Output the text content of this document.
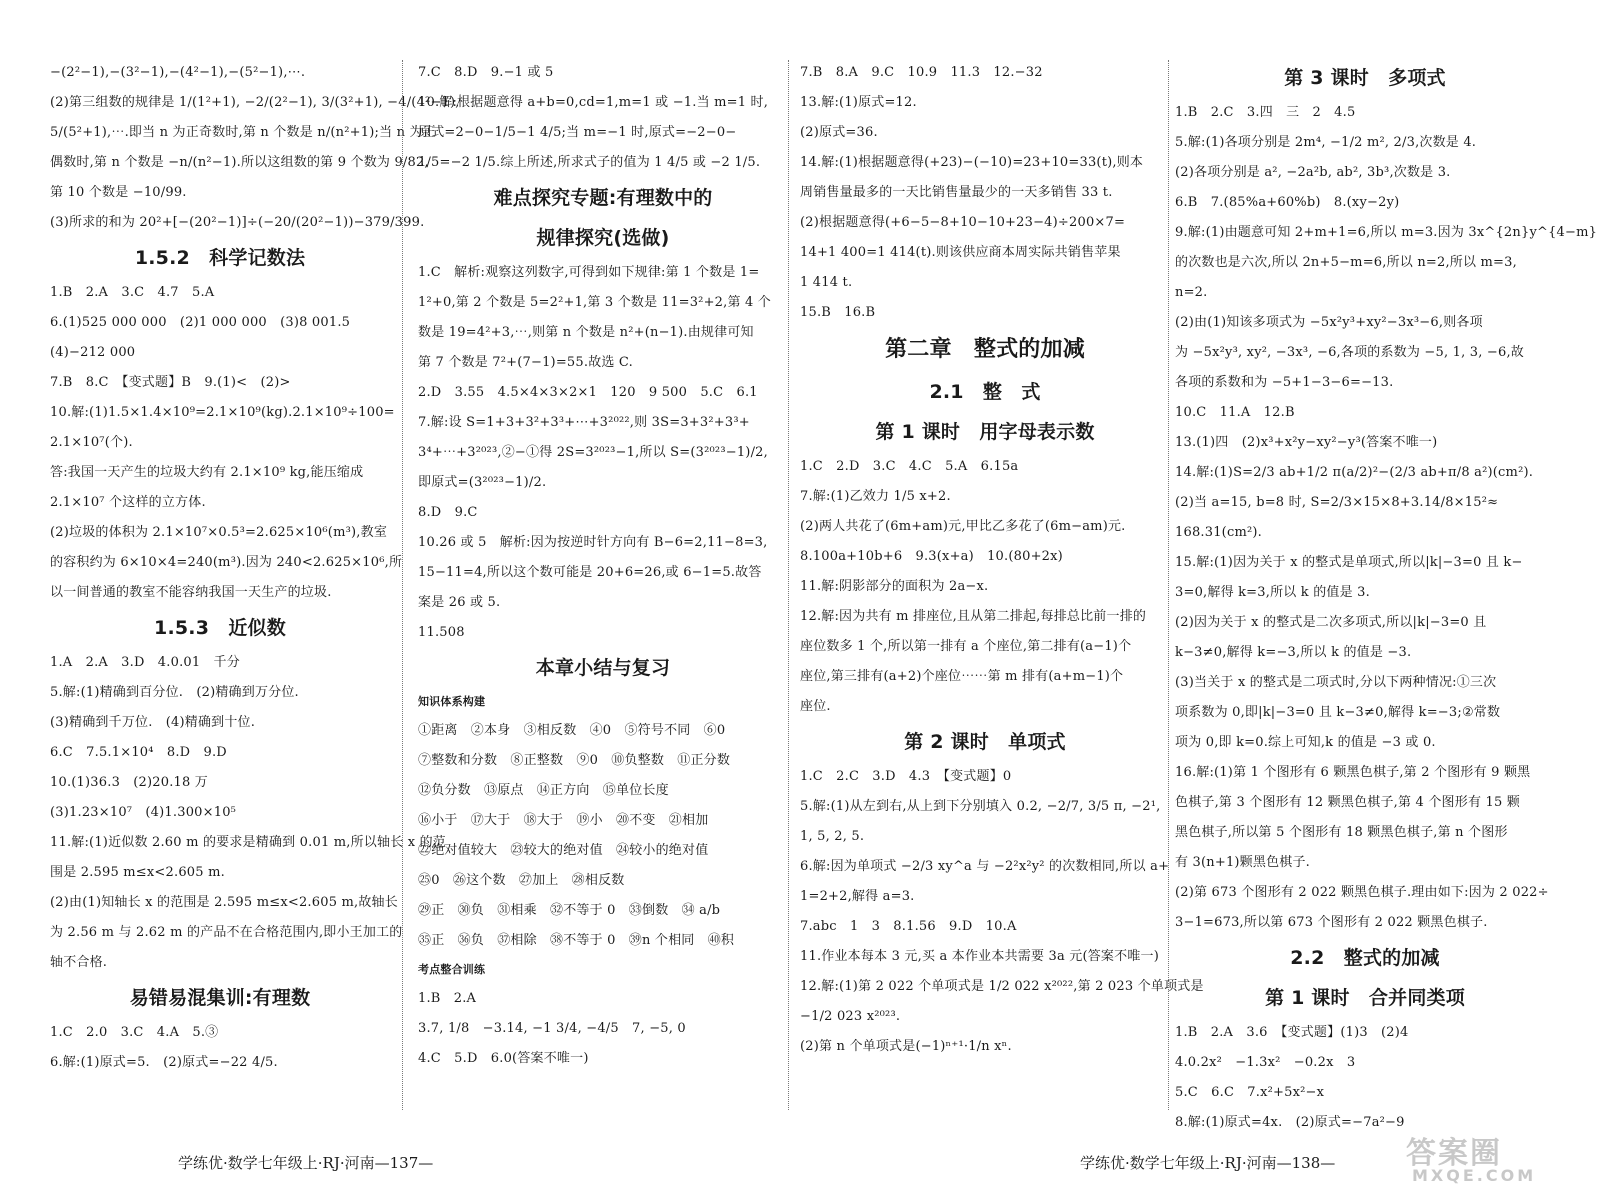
−(2²−1),−(3²−1),−(4²−1),−(5²−1),⋯.
(2)第三组数的规律是 1/(1²+1), −2/(2²−1), 3/(3²+1), −4/(4²−1),
5/(5²+1),⋯.即当 n 为正奇数时,第 n 个数是 n/(n²+1);当 n 为正
偶数时,第 n 个数是 −n/(n²−1).所以这组数的第 9 个数为 9/82,
第 10 个数是 −10/99.
(3)所求的和为 20²+[−(20²−1)]÷(−20/(20²−1))−379/399.
1.5.2　科学记数法
1.B　2.A　3.C　4.7　5.A
6.(1)525 000 000　(2)1 000 000　(3)8 001.5
(4)−212 000
7.B　8.C　【变式题】B　9.(1)<　(2)>
10.解:(1)1.5×1.4×10⁹=2.1×10⁹(kg).2.1×10⁹÷100=
2.1×10⁷(个).
答:我国一天产生的垃圾大约有 2.1×10⁹ kg,能压缩成
2.1×10⁷ 个这样的立方体.
(2)垃圾的体积为 2.1×10⁷×0.5³=2.625×10⁶(m³),教室
的容积约为 6×10×4=240(m³).因为 240<2.625×10⁶,所
以一间普通的教室不能容纳我国一天生产的垃圾.
1.5.3　近似数
1.A　2.A　3.D　4.0.01　千分
5.解:(1)精确到百分位.　(2)精确到万分位.
(3)精确到千万位.　(4)精确到十位.
6.C　7.5.1×10⁴　8.D　9.D
10.(1)36.3　(2)20.18 万
(3)1.23×10⁷　(4)1.300×10⁵
11.解:(1)近似数 2.60 m 的要求是精确到 0.01 m,所以轴长 x 的范
围是 2.595 m≤x<2.605 m.
(2)由(1)知轴长 x 的范围是 2.595 m≤x<2.605 m,故轴长
为 2.56 m 与 2.62 m 的产品不在合格范围内,即小王加工的
轴不合格.
易错易混集训:有理数
1.C　2.0　3.C　4.A　5.③
6.解:(1)原式=5.　(2)原式=−22 4/5.
7.C　8.D　9.−1 或 5
10.解:根据题意得 a+b=0,cd=1,m=1 或 −1.当 m=1 时,
原式=2−0−1/5−1 4/5;当 m=−1 时,原式=−2−0−
1/5=−2 1/5.综上所述,所求式子的值为 1 4/5 或 −2 1/5.
难点探究专题:有理数中的
规律探究(选做)
1.C　解析:观察这列数字,可得到如下规律:第 1 个数是 1=
1²+0,第 2 个数是 5=2²+1,第 3 个数是 11=3²+2,第 4 个
数是 19=4²+3,⋯,则第 n 个数是 n²+(n−1).由规律可知
第 7 个数是 7²+(7−1)=55.故选 C.
2.D　3.55　4.5×4×3×2×1　120　9 500　5.C　6.1
7.解:设 S=1+3+3²+3³+⋯+3²⁰²²,则 3S=3+3²+3³+
3⁴+⋯+3²⁰²³,②−①得 2S=3²⁰²³−1,所以 S=(3²⁰²³−1)/2,
即原式=(3²⁰²³−1)/2.
8.D　9.C
10.26 或 5　解析:因为按逆时针方向有 B−6=2,11−8=3,
15−11=4,所以这个数可能是 20+6=26,或 6−1=5.故答
案是 26 或 5.
11.508
本章小结与复习
知识体系构建
①距离　②本身　③相反数　④0　⑤符号不同　⑥0
⑦整数和分数　⑧正整数　⑨0　⑩负整数　⑪正分数
⑫负分数　⑬原点　⑭正方向　⑮单位长度
⑯小于　⑰大于　⑱大于　⑲小　⑳不变　㉑相加
㉒绝对值较大　㉓较大的绝对值　㉔较小的绝对值
㉕0　㉖这个数　㉗加上　㉘相反数
㉙正　㉚负　㉛相乘　㉜不等于 0　㉝倒数　㉞ a/b
㉟正　㊱负　㊲相除　㊳不等于 0　㊴n 个相同　㊵积
考点整合训练
1.B　2.A
3.7, 1/8　−3.14, −1 3/4, −4/5　7, −5, 0
4.C　5.D　6.0(答案不唯一)
7.B　8.A　9.C　10.9　11.3　12.−32
13.解:(1)原式=12.
(2)原式=36.
14.解:(1)根据题意得(+23)−(−10)=23+10=33(t),则本
周销售量最多的一天比销售量最少的一天多销售 33 t.
(2)根据题意得(+6−5−8+10−10+23−4)÷200×7=
14+1 400=1 414(t).则该供应商本周实际共销售苹果
1 414 t.
15.B　16.B
第二章　整式的加减
2.1　整　式
第 1 课时　用字母表示数
1.C　2.D　3.C　4.C　5.A　6.15a
7.解:(1)乙效力 1/5 x+2.
(2)两人共花了(6m+am)元,甲比乙多花了(6m−am)元.
8.100a+10b+6　9.3(x+a)　10.(80+2x)
11.解:阴影部分的面积为 2a−x.
12.解:因为共有 m 排座位,且从第二排起,每排总比前一排的
座位数多 1 个,所以第一排有 a 个座位,第二排有(a−1)个
座位,第三排有(a+2)个座位⋯⋯第 m 排有(a+m−1)个
座位.
第 2 课时　单项式
1.C　2.C　3.D　4.3　【变式题】0
5.解:(1)从左到右,从上到下分别填入 0.2, −2/7, 3/5 π, −2¹,
1, 5, 2, 5.
6.解:因为单项式 −2/3 xy^a 与 −2²x²y² 的次数相同,所以 a+
1=2+2,解得 a=3.
7.abc　1　3　8.1.56　9.D　10.A
11.作业本每本 3 元,买 a 本作业本共需要 3a 元(答案不唯一)
12.解:(1)第 2 022 个单项式是 1/2 022 x²⁰²²,第 2 023 个单项式是
−1/2 023 x²⁰²³.
(2)第 n 个单项式是(−1)ⁿ⁺¹·1/n xⁿ.
第 3 课时　多项式
1.B　2.C　3.四　三　2　4.5
5.解:(1)各项分别是 2m⁴, −1/2 m², 2/3,次数是 4.
(2)各项分别是 a², −2a²b, ab², 3b³,次数是 3.
6.B　7.(85%a+60%b)　8.(xy−2y)
9.解:(1)由题意可知 2+m+1=6,所以 m=3.因为 3x^{2n}y^{4−m}
的次数也是六次,所以 2n+5−m=6,所以 n=2,所以 m=3,
n=2.
(2)由(1)知该多项式为 −5x²y³+xy²−3x³−6,则各项
为 −5x²y³, xy², −3x³, −6,各项的系数为 −5, 1, 3, −6,故
各项的系数和为 −5+1−3−6=−13.
10.C　11.A　12.B
13.(1)四　(2)x³+x²y−xy²−y³(答案不唯一)
14.解:(1)S=2/3 ab+1/2 π(a/2)²−(2/3 ab+π/8 a²)(cm²).
(2)当 a=15, b=8 时, S=2/3×15×8+3.14/8×15²≈
168.31(cm²).
15.解:(1)因为关于 x 的整式是单项式,所以|k|−3=0 且 k−
3=0,解得 k=3,所以 k 的值是 3.
(2)因为关于 x 的整式是二次多项式,所以|k|−3=0 且
k−3≠0,解得 k=−3,所以 k 的值是 −3.
(3)当关于 x 的整式是二项式时,分以下两种情况:①三次
项系数为 0,即|k|−3=0 且 k−3≠0,解得 k=−3;②常数
项为 0,即 k=0.综上可知,k 的值是 −3 或 0.
16.解:(1)第 1 个图形有 6 颗黑色棋子,第 2 个图形有 9 颗黑
色棋子,第 3 个图形有 12 颗黑色棋子,第 4 个图形有 15 颗
黑色棋子,所以第 5 个图形有 18 颗黑色棋子,第 n 个图形
有 3(n+1)颗黑色棋子.
(2)第 673 个图形有 2 022 颗黑色棋子.理由如下:因为 2 022÷
3−1=673,所以第 673 个图形有 2 022 颗黑色棋子.
2.2　整式的加减
第 1 课时　合并同类项
1.B　2.A　3.6　【变式题】(1)3　(2)4
4.0.2x²　−1.3x²　−0.2x　3
5.C　6.C　7.x²+5x²−x
8.解:(1)原式=4x.　(2)原式=−7a²−9
学练优·数学七年级上·RJ·河南—137—	学练优·数学七年级上·RJ·河南—138— 答案圈
MXQE.COM
